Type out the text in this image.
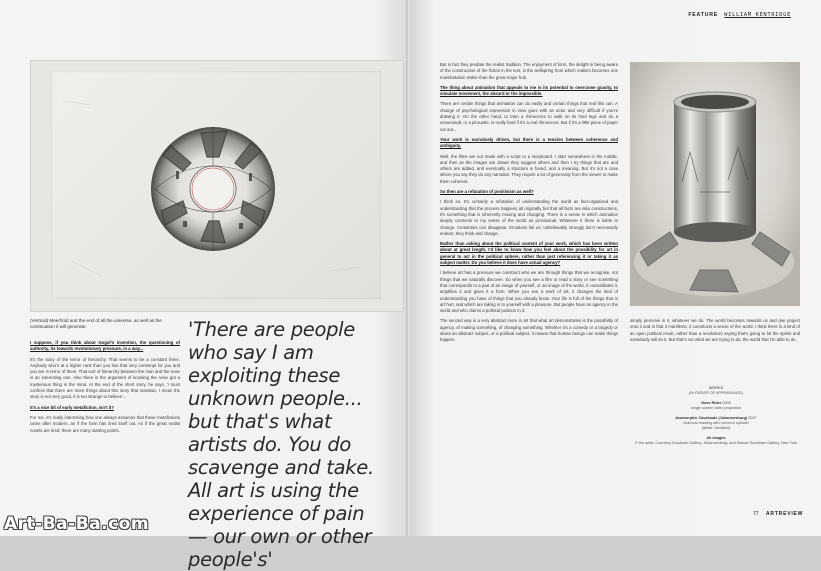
(Vertical) Meerhold and the end of all the universe, as well as the continuation it will generate.

I suppose, if you think about Gogol's invention, the questioning of authority, its towards revolutionary pressure, in a way...

It's the story of the terror of hierarchy. That seems to be a constant there. Anybody who's at a higher rank than you has that very contempt for you and you are in terror of them. That sort of hierarchy between the man and the nose is an interesting one. Also there is the argument of knowing the nose got a mysterious thing in the mind. At the end of the short story, he says, 'I must confess that there are more things about this story that maintain, I mean the story is not very good, it is too strange to believe'...

It's a nice bit of early metafiction, isn't it?

For me, it's really interesting how one always assumes that these metafictions came after modern, as if the form has tired itself out. As if the great realist novels are tired; there are many starting points.

'There are people who say I am exploiting these unknown people... but that's what artists do. You do scavenge and take. All art is using the experience of pain — our own or other people's'
Art-Ba-Ba.com
FEATURE WILLIAM KENTRIDGE

But in fact they predate the realist tradition. The enjoyment of form, the delight in being aware of the construction of the fiction in the text, is the wellspring from which realism becomes one manifestation rather than the great major hub.

The thing about animation that appeals to me is its potential to overcome gravity, to simulate movement, the absurd or the impossible.

There are certain things that animation can do easily and certain things that real film can. A change of psychological expression in view goes with an actor and very difficult if you're drawing it. On the other hand, to train a rhinoceros to walk on its hind legs and do a somersault, or a pirouette, is really hard if it's a real rhinoceros. But if it's a little piece of paper cut out...

Your work is narratively driven, but there is a tension between coherence and ambiguity.

Well, the films are not made with a script or a storyboard. I start somewhere in the middle, and then as the images are drawn they suggest others and then I try things that are and others are added, and eventually a structure is found, and a meaning. But it's not a case where you say they do any narrative. They require a lot of generosity from the viewer to make them coherent.

So then are a refutation of positivism as well?

I think so. It's certainly a refutation of understanding the world as fact-organised and understanding that the process happens all originally but that all facts are also constructions, it's something that is inherently moving and changing. There is a sense in which animation deeply connects to my sense of the world as provisional. Whatever it there is liable to change. Certainties can disappear. Emotions fail us; unbelievably strongly don't necessarily endure; they think and change.

Rather than asking about the political content of your work, which has been written about at great length, I'd like to know how you feel about the possibility for art in general to act in the political sphere, rather than just referencing it or taking it as subject matter. Do you believe it does have actual agency?

I believe art has a pressure we construct who we are through things that we recognise, not things that we naturally discover. So when you see a film or read a story or see something that corresponds to a part of an image of yourself, or an image of the world, it consolidates it, amplifies it and gives it a form. When you see a work of art, it changes the kind of understanding you have of things that you already know. Your life is full of the things that in art hurt, and which are taking in to yourself with a pleasure. But people have an agency in the world and who claims a political position in it.

The second way is a very abstract more in art that what art demonstrates is the possibility of agency, of making something, of changing something. Whether it's a comedy or a tragedy or about an abstract subject, or a political subject, it means that human beings can make things happen.

WORKS
(IN ORDER OF APPEARANCE)
Nose Rider 2008
single screen video projection
Anamorphic Cavalcade (Johannesburg) 2007
charcoal drawing with mirrored cylinder
(detail: Variation)
All images
© the artist. Courtesy Goodman Gallery, Johannesburg, and Marian Goodman Gallery, New York

simply perceive in it, whatever we do. The world becomes towards us and (we project onto it and in that it manifests, it constructs a sense of the world. I think there is a kind of an open political result, rather than a revolution) saying that's going to hit the spirits and somebody will do it. But that's not what we are trying to do; the world that I'm able to do.

77 ARTREVIEW
